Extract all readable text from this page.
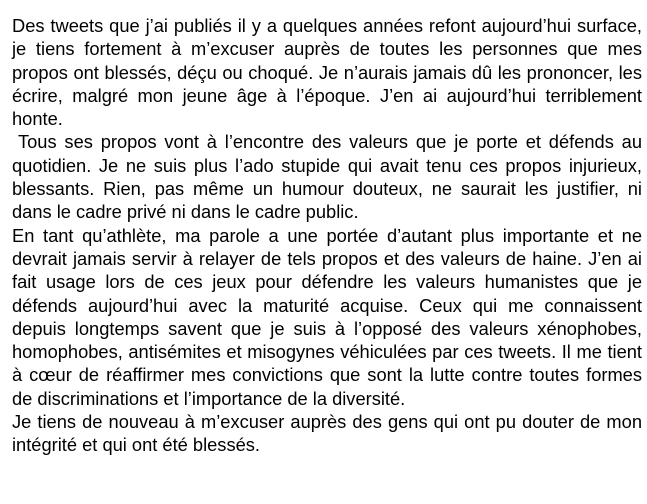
Des tweets que j’ai publiés il y a quelques années refont aujourd’hui surface, je tiens fortement à m’excuser auprès de toutes les personnes que mes propos ont blessés, déçu ou choqué. Je n’aurais jamais dû les prononcer, les écrire, malgré mon jeune âge à l’époque. J’en ai aujourd’hui terriblement honte.

Tous ses propos vont à l’encontre des valeurs que je porte et défends au quotidien. Je ne suis plus l’ado stupide qui avait tenu ces propos injurieux, blessants. Rien, pas même un humour douteux, ne saurait les justifier, ni dans le cadre privé ni dans le cadre public.

En tant qu’athlète, ma parole a une portée d’autant plus importante et ne devrait jamais servir à relayer de tels propos et des valeurs de haine. J’en ai fait usage lors de ces jeux pour défendre les valeurs humanistes que je défends aujourd’hui avec la maturité acquise. Ceux qui me connaissent depuis longtemps savent que je suis à l’opposé des valeurs xénophobes, homophobes, antisémites et misogynes véhiculées par ces tweets. Il me tient à cœur de réaffirmer mes convictions que sont la lutte contre toutes formes de discriminations et l’importance de la diversité.

Je tiens de nouveau à m’excuser auprès des gens qui ont pu douter de mon intégrité et qui ont été blessés.
